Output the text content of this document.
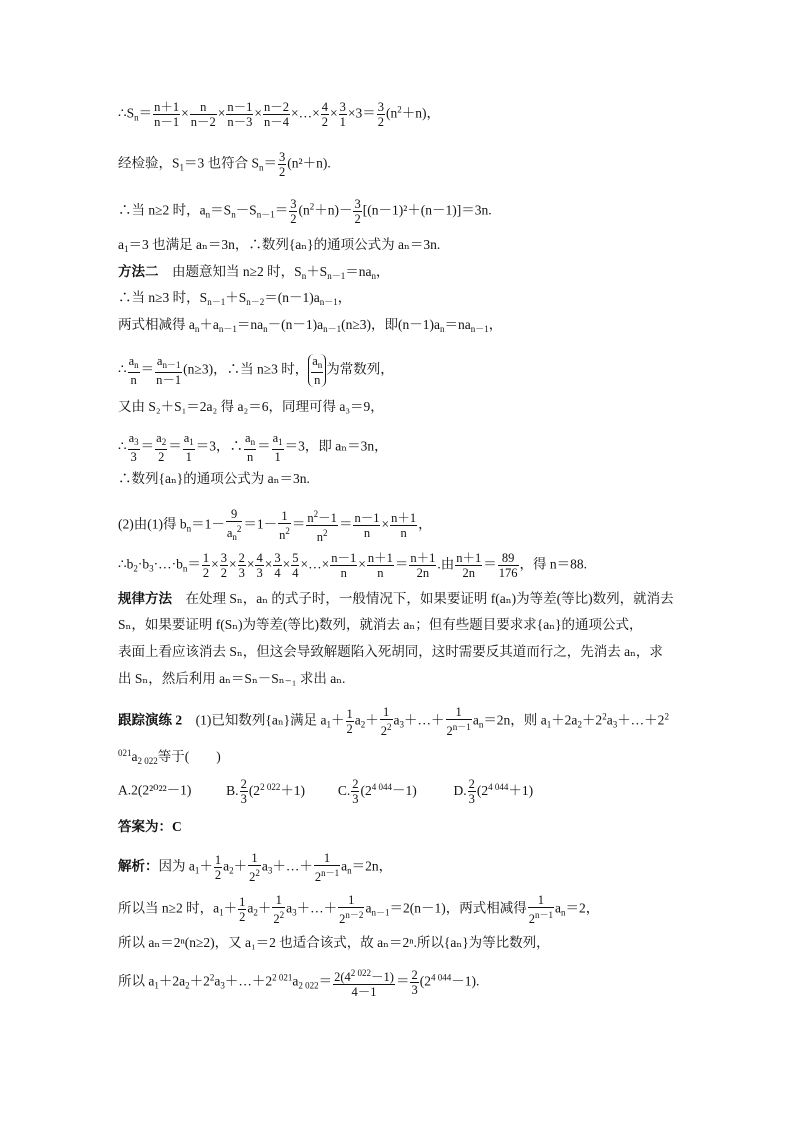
$\therefore S_n= \frac{n+1}{n-1} \times \frac{n}{n-2} \times \frac{n-1}{n-3} \times \frac{n-2}{n-4}$ ×…× $\frac{4}{2} \times \frac{3}{1} \times 3= \frac{3}{2} (n^2+n)$，
经检验，$S_1=3$ 也符合 $S_n= \frac{3}{2} (n^2+n)$.
∴当 n≥2 时，$a_n=S_n-S_{n-1}= \frac{3}{2} (n^2+n)- \frac{3}{2} [(n-1)^2+(n-1)]=3n$.
$a_1=3$ 也满足 aₙ＝3n，∴数列{aₙ}的通项公式为 aₙ＝3n.
方法二　 由题意知当 n≥2 时，$S_n+S_{n-1}=na_n$，
∴当 n≥3 时，$S_{n-1}+S_{n-2}=(n-1)a_{n-1}$，
两式相减得 $a_n+a_{n-1}=na_n-(n-1)a_{n-1}(n\ge 3)$，即$(n-1)a_n=na_{n-1}$，
∴ $\frac{a_n}{n} = \frac{a_{n-1}}{n-1} (n\ge 3)$，∴当 n≥3 时， $\frac{a_n}{n}$ 为常数列，
又由 S₂＋S₁＝2a₂ 得 a₂＝6，同理可得 a₃＝9，
∴ $\frac{a_3}{3} = \frac{a_2}{2} = \frac{a_1}{1} =3$，∴ $\frac{a_n}{n} = \frac{a_1}{1} =3$，即 aₙ＝3n，
∴数列{aₙ}的通项公式为 aₙ＝3n.
(2)由(1)得 $b_n=1- \frac{9}{a_n^2} =1- \frac{1}{n^2} = \frac{n^2-1}{n^2} = \frac{n-1}{n} \times \frac{n+1}{n}$ ，
$\therefore b_2\cdot b_3\cdot\dots\cdot b_n= \frac{1}{2} \times \frac{3}{2} \times \frac{2}{3} \times \frac{4}{3} \times \frac{3}{4} \times \frac{5}{4}$ ×…× $\frac{n-1}{n} \times \frac{n+1}{n} = \frac{n+1}{2n}$ .由 $\frac{n+1}{2n} = \frac{89}{176}$ ，得 n＝88.
规律方法　 在处理 Sₙ，aₙ 的式子时，一般情况下，如果要证明 f(aₙ)为等差(等比)数列，就消去
Sₙ，如果要证明 f(Sₙ)为等差(等比)数列，就消去 aₙ；但有些题目要求求{aₙ}的通项公式，
表面上看应该消去 Sₙ，但这会导致解题陷入死胡同，这时需要反其道而行之，先消去 aₙ，求
出 Sₙ，然后利用 aₙ＝Sₙ－Sₙ₋₁ 求出 aₙ.
跟踪演练 2　 (1)已知数列{aₙ}满足 $a_1+ \frac{1}{2} a_2+ \frac{1}{2^2}$ $a_3+\dots+ \frac{1}{2^{n-1}} a_n=2n$，则 $a_1+2a_2+2^2a_3+\dots+2^2$
$^{021}a_{2 022}$等于(　　)
A.2(2²⁰²²－1)	B. $\frac{2}{3} (2^{2 022}+1)$ C. $\frac{2}{3} (2^{4 044}-1)$	D. $\frac{2}{3} (2^{4 044}+1)$
答案为：C
解析：因为 $a_1+ \frac{1}{2} a_2+ \frac{1}{2^2}$ $a_3+\dots+ \frac{1}{2^{n-1}} a_n=2n$，
所以当 n≥2 时，$a_1+ \frac{1}{2} a_2+ \frac{1}{2^2}$ $a_3+\dots+ \frac{1}{2^{n-2}} a_{n-1}=2(n-1)$，两式相减得 $\frac{1}{2^{n-1}} a_n=2$，
所以 aₙ＝2ⁿ(n≥2)，又 a₁＝2 也适合该式，故 aₙ＝2ⁿ.所以{aₙ}为等比数列，
所以 $a_1+2a_2+2^2a_3+\dots+2^{2 021}a_{2 022}= \frac{2(4^{2 022}-1)}{4-1} = \frac{2}{3} (2^{4 044}-1)$.
